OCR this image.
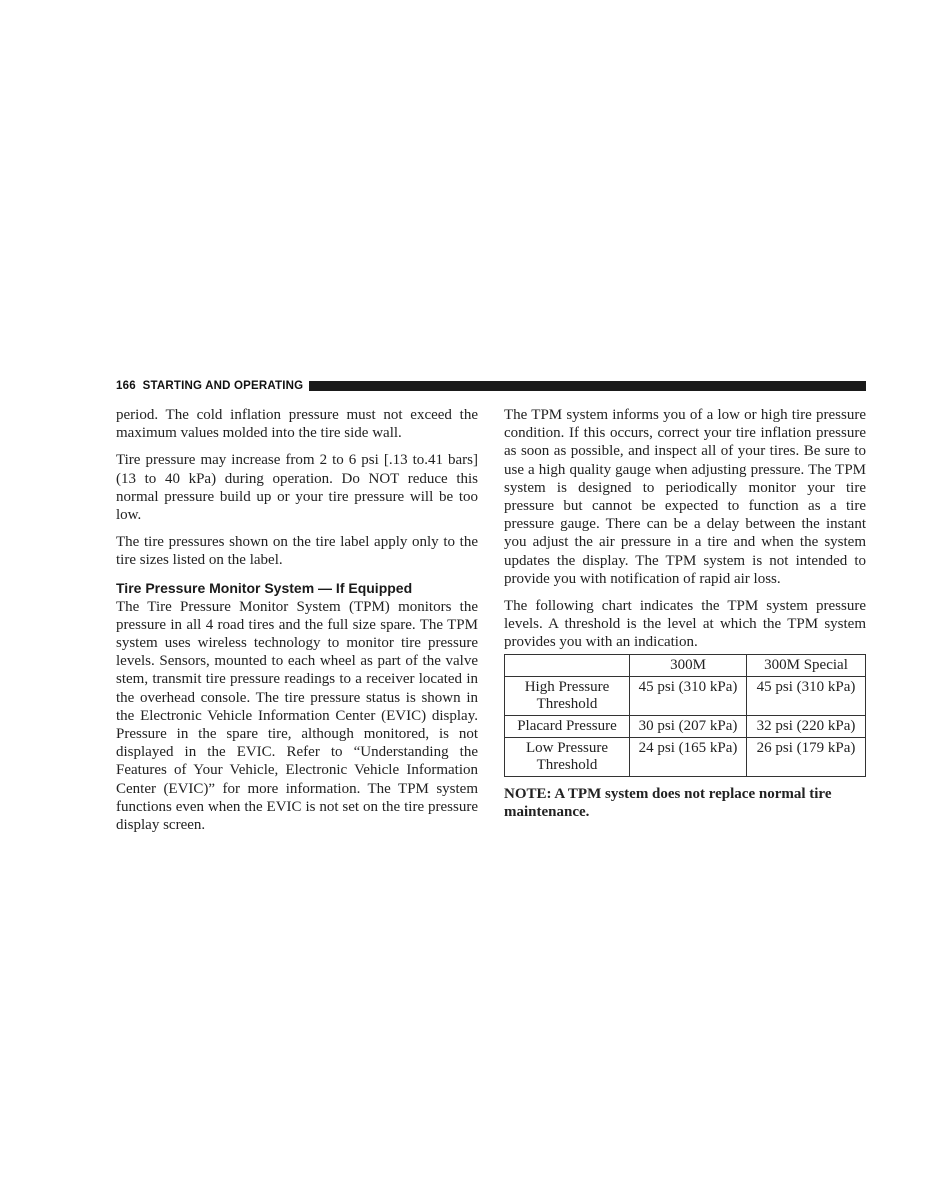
166 STARTING AND OPERATING

period. The cold inflation pressure must not exceed the maximum values molded into the tire side wall.

Tire pressure may increase from 2 to 6 psi [.13 to.41 bars] (13 to 40 kPa) during operation. Do NOT reduce this normal pressure build up or your tire pressure will be too low.

The tire pressures shown on the tire label apply only to the tire sizes listed on the label.

Tire Pressure Monitor System — If Equipped

The Tire Pressure Monitor System (TPM) monitors the pressure in all 4 road tires and the full size spare. The TPM system uses wireless technology to monitor tire pressure levels. Sensors, mounted to each wheel as part of the valve stem, transmit tire pressure readings to a receiver located in the overhead console. The tire pressure status is shown in the Electronic Vehicle Information Center (EVIC) display. Pressure in the spare tire, although monitored, is not displayed in the EVIC. Refer to “Understanding the Features of Your Vehicle, Electronic Vehicle Information Center (EVIC)” for more information. The TPM system functions even when the EVIC is not set on the tire pressure display screen.

The TPM system informs you of a low or high tire pressure condition. If this occurs, correct your tire inflation pressure as soon as possible, and inspect all of your tires. Be sure to use a high quality gauge when adjusting pressure. The TPM system is designed to periodically monitor your tire pressure but cannot be expected to function as a tire pressure gauge. There can be a delay between the instant you adjust the air pressure in a tire and when the system updates the display. The TPM system is not intended to provide you with notification of rapid air loss.

The following chart indicates the TPM system pressure levels. A threshold is the level at which the TPM system provides you with an indication.

	300M	300M Special
High Pressure Threshold	45 psi (310 kPa)	45 psi (310 kPa)
Placard Pressure	30 psi (207 kPa)	32 psi (220 kPa)
Low Pressure Threshold	24 psi (165 kPa)	26 psi (179 kPa)

NOTE: A TPM system does not replace normal tire maintenance.
